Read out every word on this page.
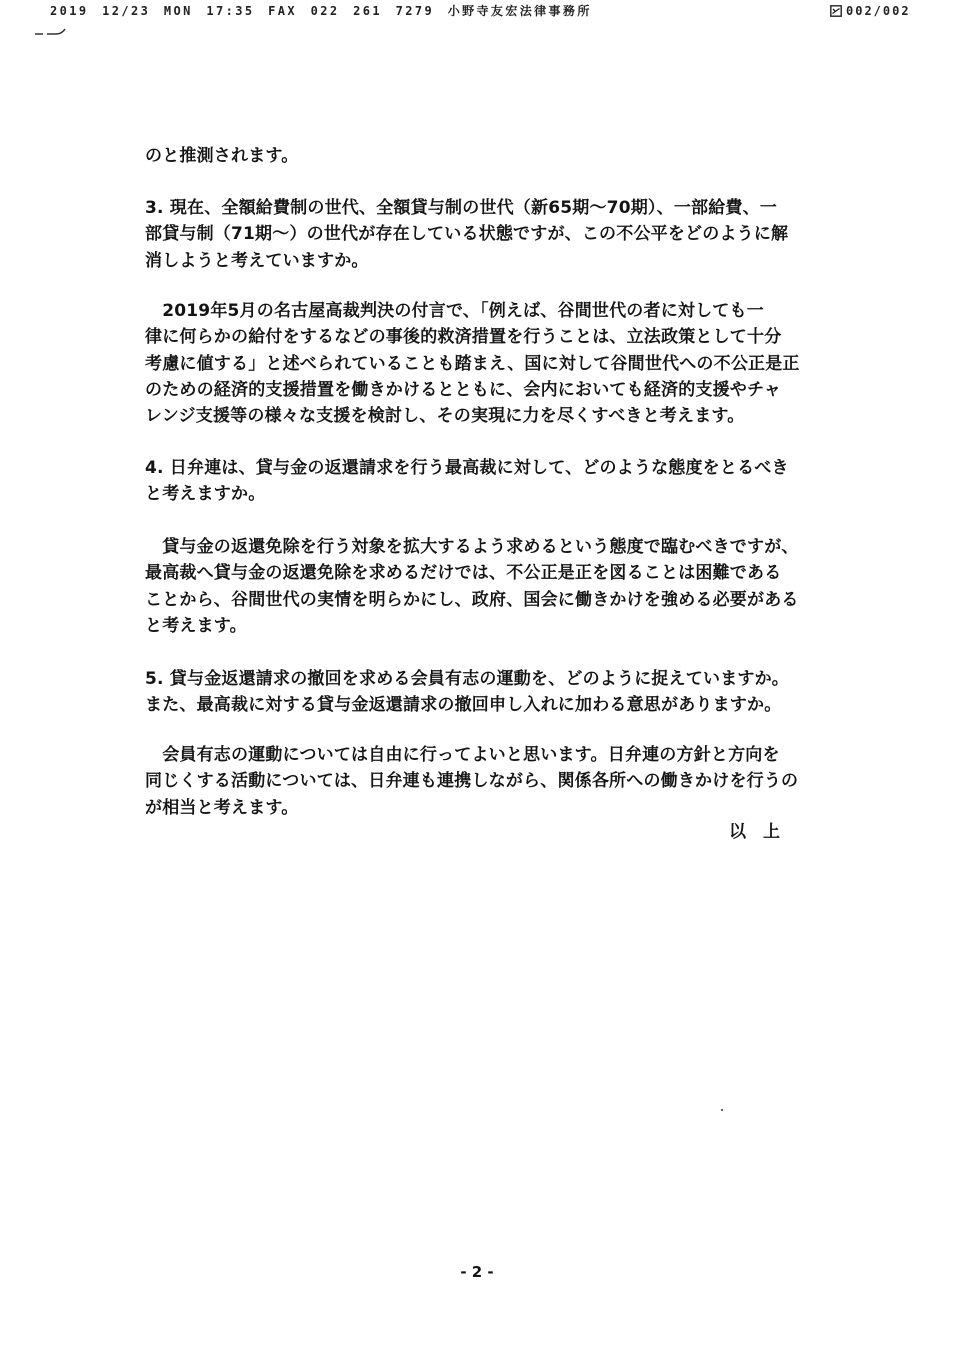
2019 12/23 MON 17:35 FAX 022 261 7279 小野寺友宏法律事務所	002/002
のと推測されます。
3. 現在、全額給費制の世代、全額貸与制の世代（新65期～70期）、一部給費、一
部貸与制（71期～）の世代が存在している状態ですが、この不公平をどのように解
消しようと考えていますか。
　2019年5月の名古屋高裁判決の付言で、「例えば、谷間世代の者に対しても一
律に何らかの給付をするなどの事後的救済措置を行うことは、立法政策として十分
考慮に値する」と述べられていることも踏まえ、国に対して谷間世代への不公正是正
のための経済的支援措置を働きかけるとともに、会内においても経済的支援やチャ
レンジ支援等の様々な支援を検討し、その実現に力を尽くすべきと考えます。
4. 日弁連は、貸与金の返還請求を行う最高裁に対して、どのような態度をとるべき
と考えますか。
　貸与金の返還免除を行う対象を拡大するよう求めるという態度で臨むべきですが、
最高裁へ貸与金の返還免除を求めるだけでは、不公正是正を図ることは困難である
ことから、谷間世代の実情を明らかにし、政府、国会に働きかけを強める必要がある
と考えます。
5. 貸与金返還請求の撤回を求める会員有志の運動を、どのように捉えていますか。
また、最高裁に対する貸与金返還請求の撤回申し入れに加わる意思がありますか。
　会員有志の運動については自由に行ってよいと思います。日弁連の方針と方向を
同じくする活動については、日弁連も連携しながら、関係各所への働きかけを行うの
が相当と考えます。
以　上
- 2 -
